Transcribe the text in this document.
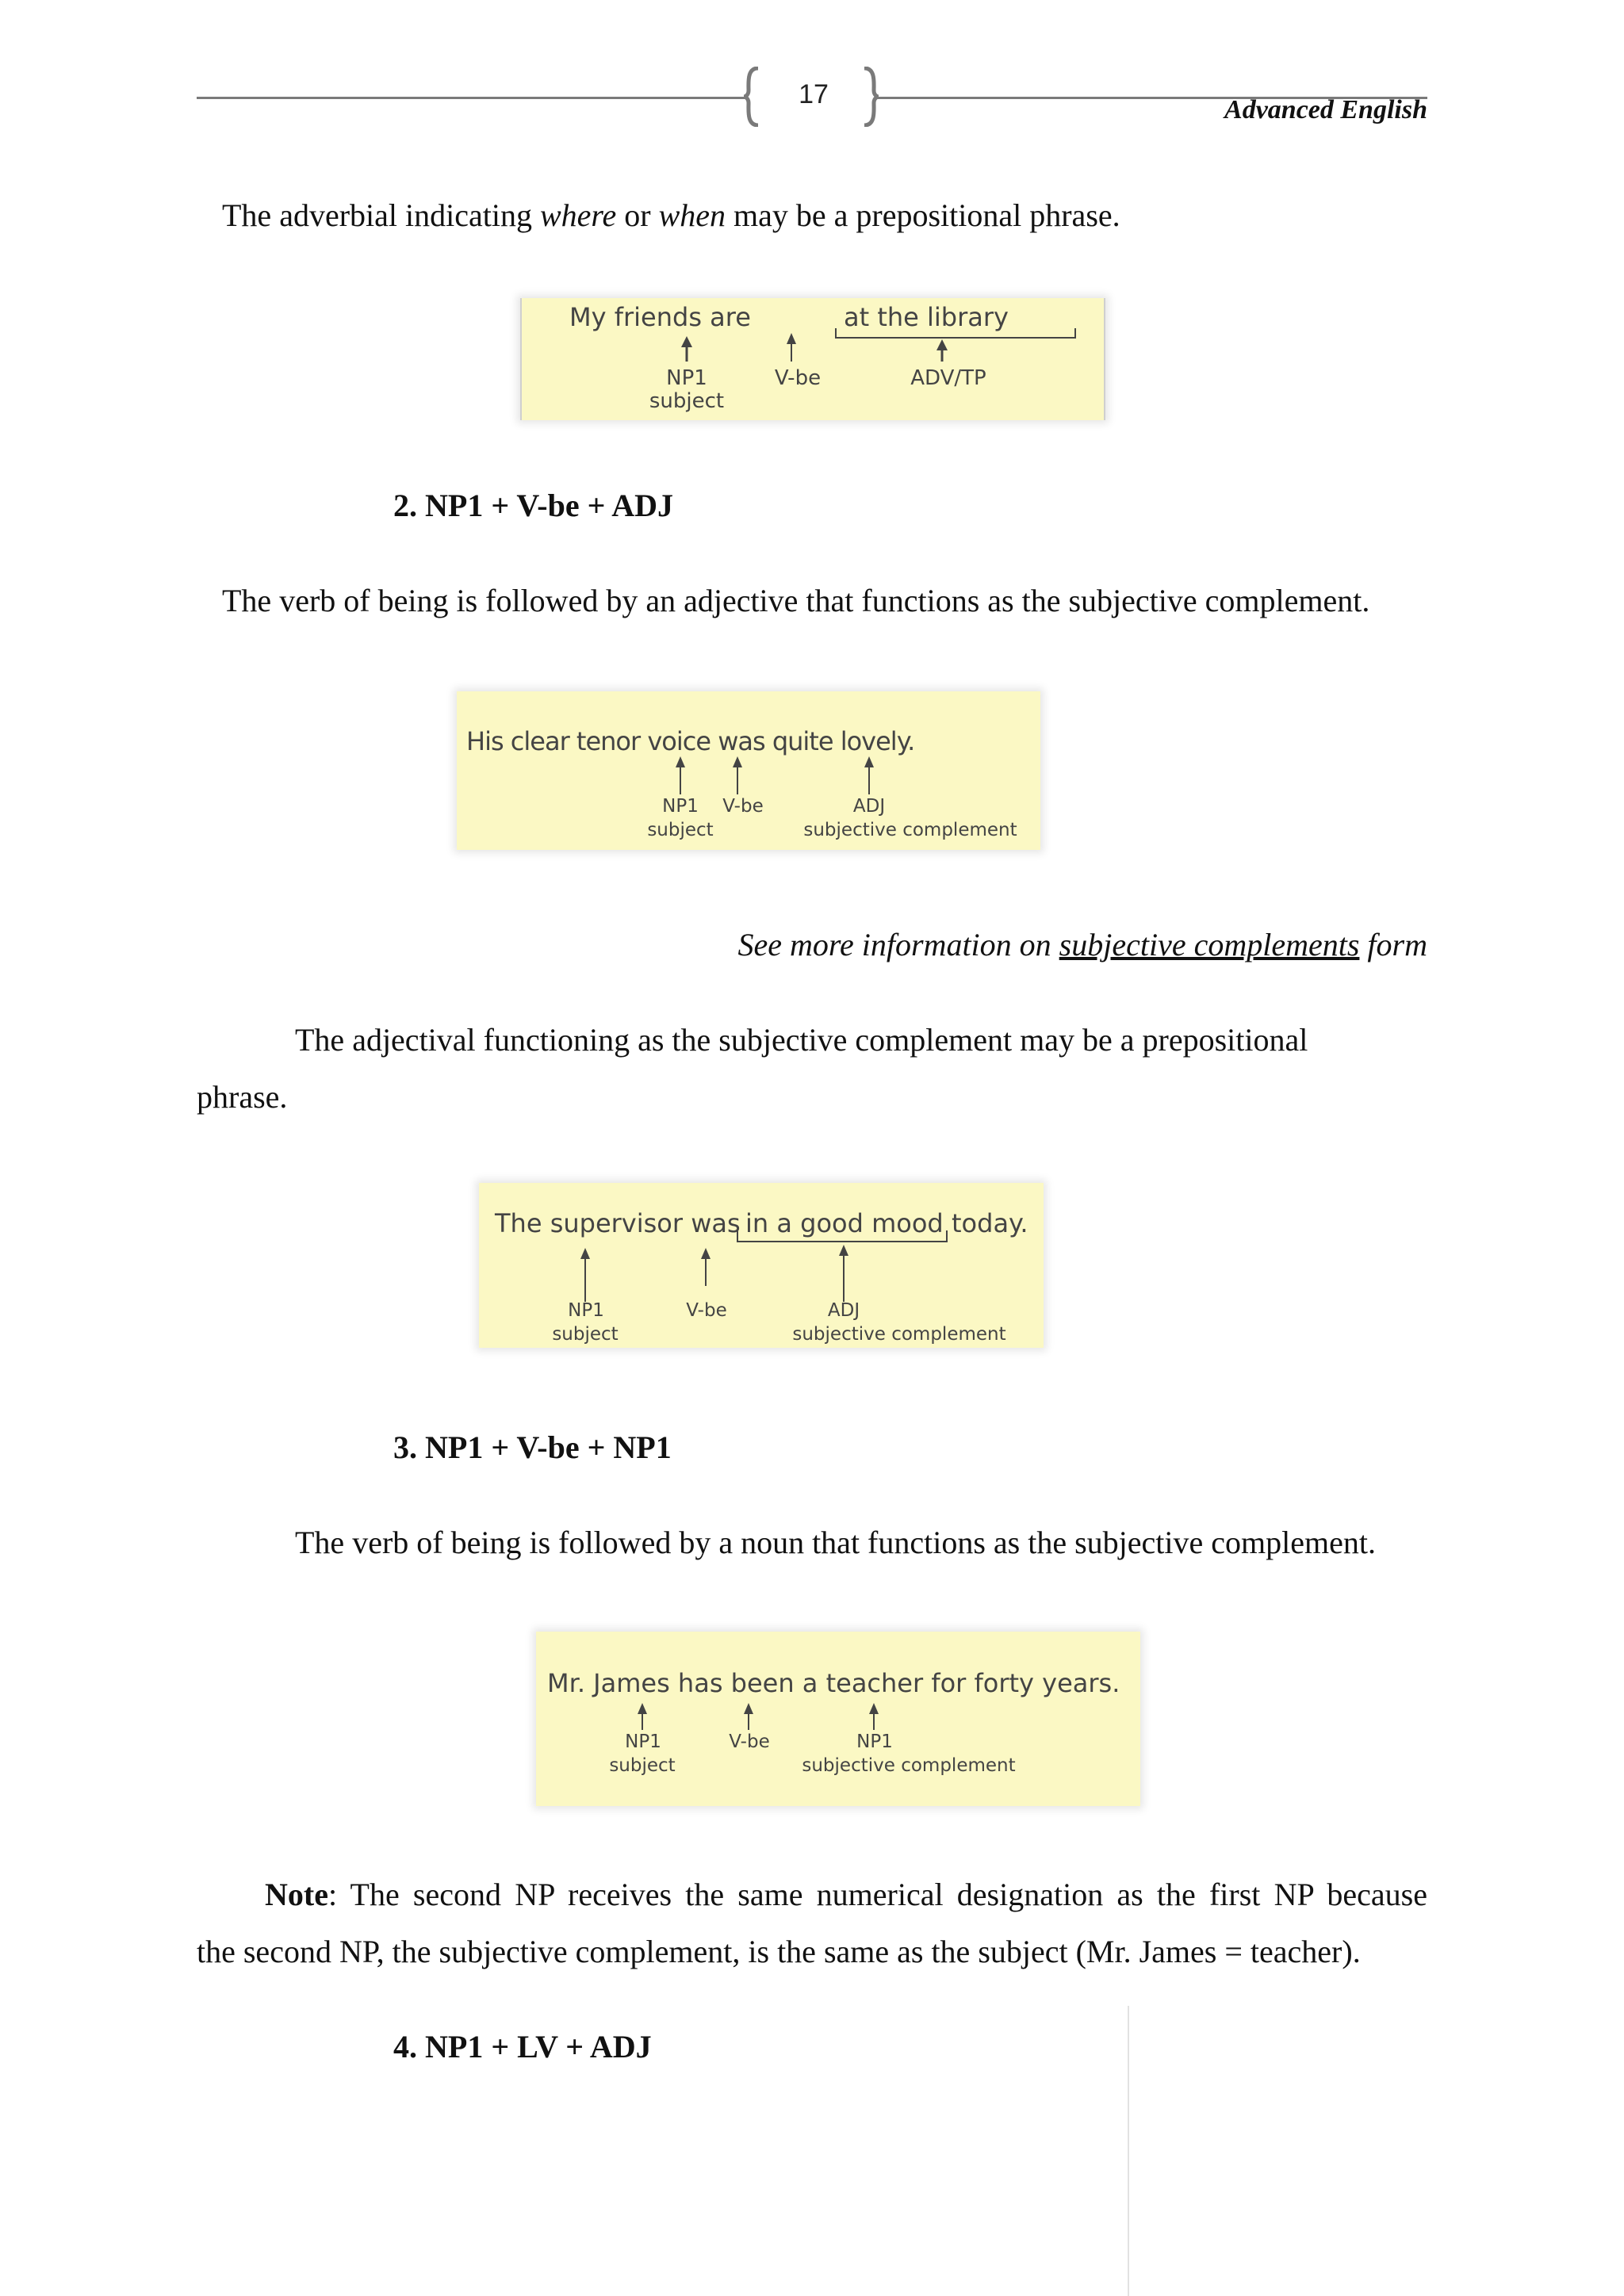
17
Advanced English
The adverbial indicating where or when may be a prepositional phrase.
My friends are	at the library
NP1
subject
V-be	ADV/TP
2. NP1 + V-be + ADJ
The verb of being is followed by an adjective that functions as the subjective complement.
His clear tenor voice was quite lovely.
NP1
subject
V-be	ADJ
subjective complement
See more information on subjective complements form
The adjectival functioning as the subjective complement may be a prepositional
phrase.
The supervisor was in a good mood today.
NP1
subject
V-be	ADJ
subjective complement
3. NP1 + V-be + NP1
The verb of being is followed by a noun that functions as the subjective complement.
Mr. James has been a teacher for forty years.
NP1
subject
V-be	NP1
subjective complement
Note: The second NP receives the same numerical designation as the first NP because
the second NP, the subjective complement, is the same as the subject (Mr. James = teacher).
4. NP1 + LV + ADJ
